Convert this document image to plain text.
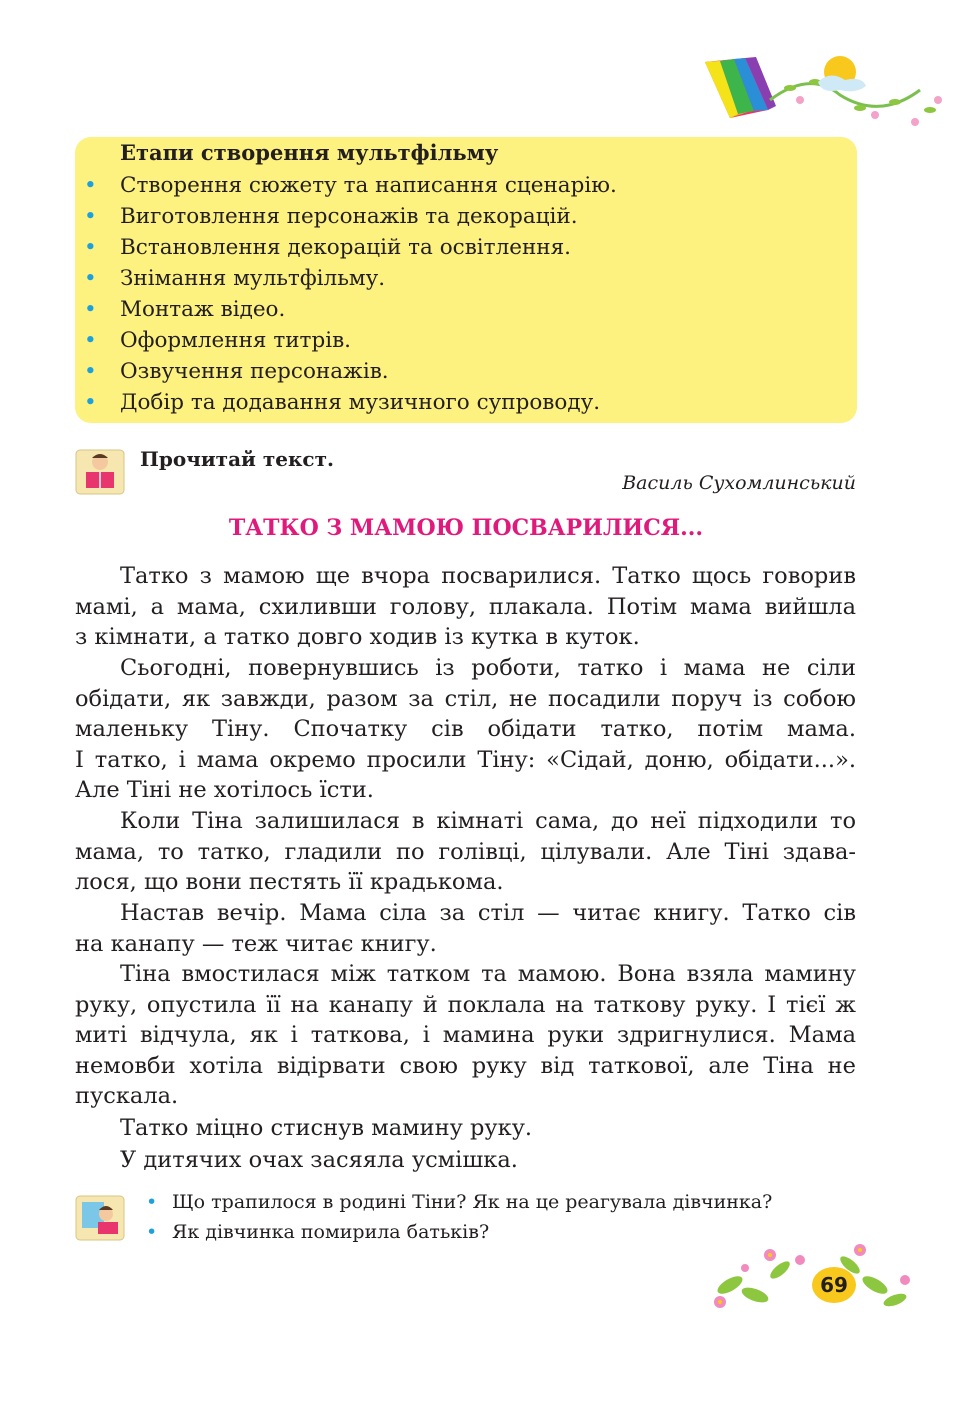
Етапи створення мультфільму
• Створення сюжету та написання сценарію.
• Виготовлення персонажів та декорацій.
• Встановлення декорацій та освітлення.
• Знімання мультфільму.
• Монтаж відео.
• Оформлення титрів.
• Озвучення персонажів.
• Добір та додавання музичного супроводу.
Прочитай текст.
Василь Сухомлинський
ТАТКО З МАМОЮ ПОСВАРИЛИСЯ...
Татко з мамою ще вчора посварилися. Татко щось говорив
мамі, а мама, схиливши голову, плакала. Потім мама вийшла
з кімнати, а татко довго ходив із кутка в куток.
Сьогодні, повернувшись із роботи, татко і мама не сіли
обідати, як завжди, разом за стіл, не посадили поруч із собою
маленьку Тіну. Спочатку сів обідати татко, потім мама.
І татко, і мама окремо просили Тіну: «Сідай, доню, обідати...».
Але Тіні не хотілось їсти.
Коли Тіна залишилася в кімнаті сама, до неї підходили то
мама, то татко, гладили по голівці, цілували. Але Тіні здава-
лося, що вони пестять її крадькома.
Настав вечір. Мама сіла за стіл — читає книгу. Татко сів
на канапу — теж читає книгу.
Тіна вмостилася між татком та мамою. Вона взяла мамину
руку, опустила її на канапу й поклала на таткову руку. І тієї ж
миті відчула, як і таткова, і мамина руки здригнулися. Мама
немовби хотіла відірвати свою руку від таткової, але Тіна не
пускала.
Татко міцно стиснув мамину руку.
У дитячих очах засяяла усмішка.
• Що трапилося в родині Тіни? Як на це реагувала дівчинка?
• Як дівчинка помирила батьків?
69
